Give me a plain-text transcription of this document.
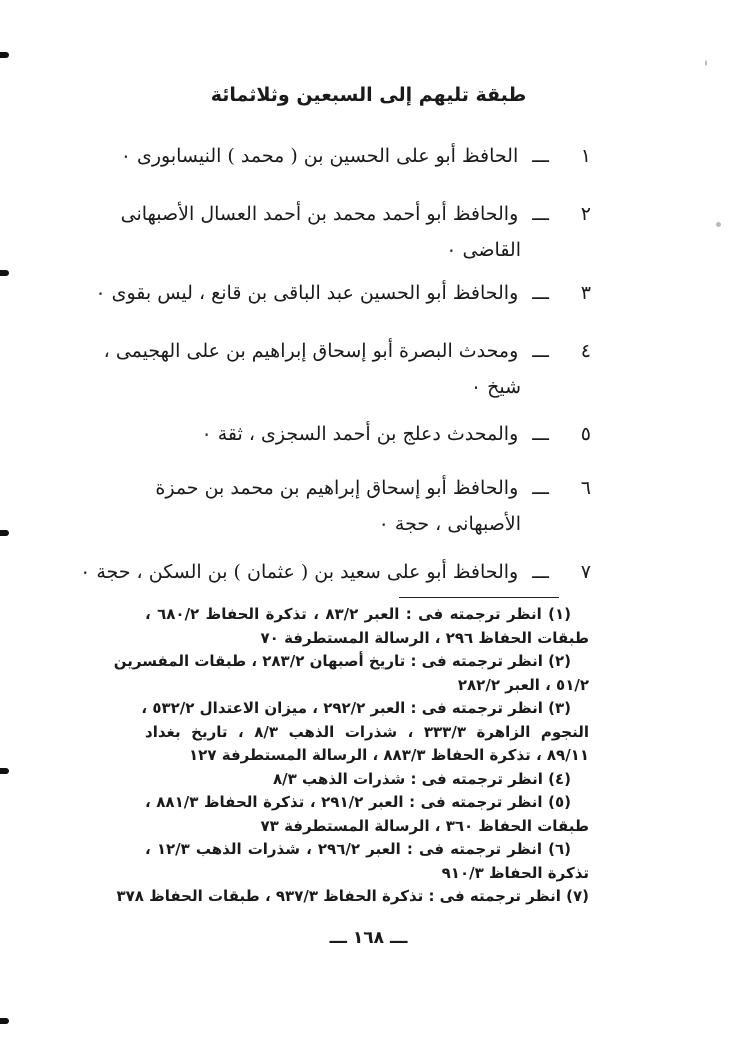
طبقة تليهم إلى السبعين وثلاثمائة
١
ـــ الحافظ أبو على الحسين بن ( محمد ) النيسابورى ٠
٢
ـــ والحافظ أبو أحمد محمد بن أحمد العسال الأصبهانى
القاضى ٠
٣
ـــ والحافظ أبو الحسين عبد الباقى بن قانع ، ليس بقوى ٠
٤
ـــ ومحدث البصرة أبو إسحاق إبراهيم بن على الهجيمى ،
شيخ ٠
٥
ـــ والمحدث دعلج بن أحمد السجزى ، ثقة ٠
٦
ـــ والحافظ أبو إسحاق إبراهيم بن محمد بن حمزة
الأصبهانى ، حجة ٠
٧
ـــ والحافظ أبو على سعيد بن ( عثمان ) بن السكن ، حجة ٠
(١) انظر ترجمته فى : العبر ٨٣/٢ ، تذكرة الحفاظ ٦٨٠/٢ ،
طبقات الحفاظ ٢٩٦ ، الرسالة المستطرفة ٧٠
(٢) انظر ترجمته فى : تاريخ أصبهان ٢٨٣/٢ ، طبقات المفسرين
٥١/٢ ، العبر ٢٨٢/٢
(٣) انظر ترجمته فى : العبر ٢٩٢/٢ ، ميزان الاعتدال ٥٣٢/٢ ،
النجوم الزاهرة ٣٣٣/٣ ، شذرات الذهب ٨/٣ ، تاريخ بغداد
٨٩/١١ ، تذكرة الحفاظ ٨٨٣/٣ ، الرسالة المستطرفة ١٢٧
(٤) انظر ترجمته فى : شذرات الذهب ٨/٣
(٥) انظر ترجمته فى : العبر ٢٩١/٢ ، تذكرة الحفاظ ٨٨١/٣ ،
طبقات الحفاظ ٣٦٠ ، الرسالة المستطرفة ٧٣
(٦) انظر ترجمته فى : العبر ٢٩٦/٢ ، شذرات الذهب ١٢/٣ ،
تذكرة الحفاظ ٩١٠/٣
(٧) انظر ترجمته فى : تذكرة الحفاظ ٩٣٧/٣ ، طبقات الحفاظ ٣٧٨
ـــ ١٦٨ ـــ
